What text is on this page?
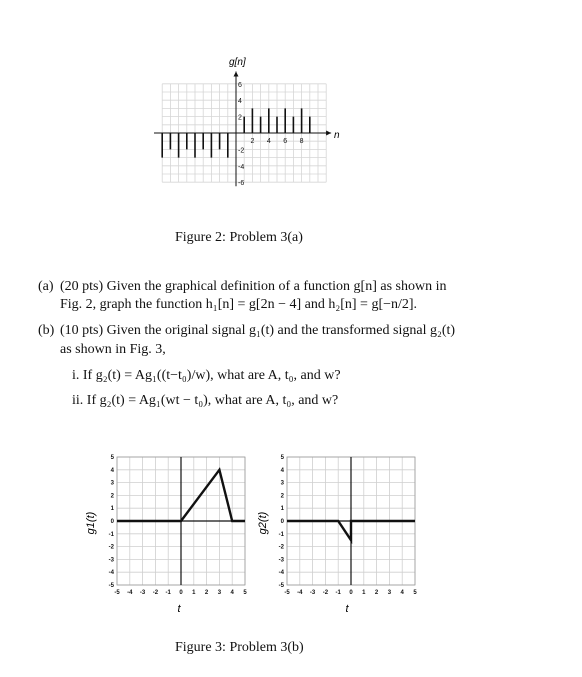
2 4 6 8
6
4
2
-2
-4
-6
g[n]
n
Figure 2: Problem 3(a)
(a) (20 pts) Given the graphical definition of a function g[n] as shown in
Fig. 2, graph the function h₁[n] = g[2n − 4] and h₂[n] = g[−n/2].
(b) (10 pts) Given the original signal g₁(t) and the transformed signal g₂(t)
as shown in Fig. 3,
i. If g₂(t) = Ag₁((t−t₀)/w), what are A, t₀, and w?
ii. If g₂(t) = Ag₁(wt − t₀), what are A, t₀, and w?
-5 -4 -3 -2 -1 0 1 2 3 4 5
5
4
3
2
1
0
-1
-2
-3
-4
-5
-5 -4 -3 -2 -1 0 1 2 3 4 5
5
4
3
2
1
0
-1
-2
-3
-4
-5
g1(t)	g2(t)
t	t
Figure 3: Problem 3(b)
